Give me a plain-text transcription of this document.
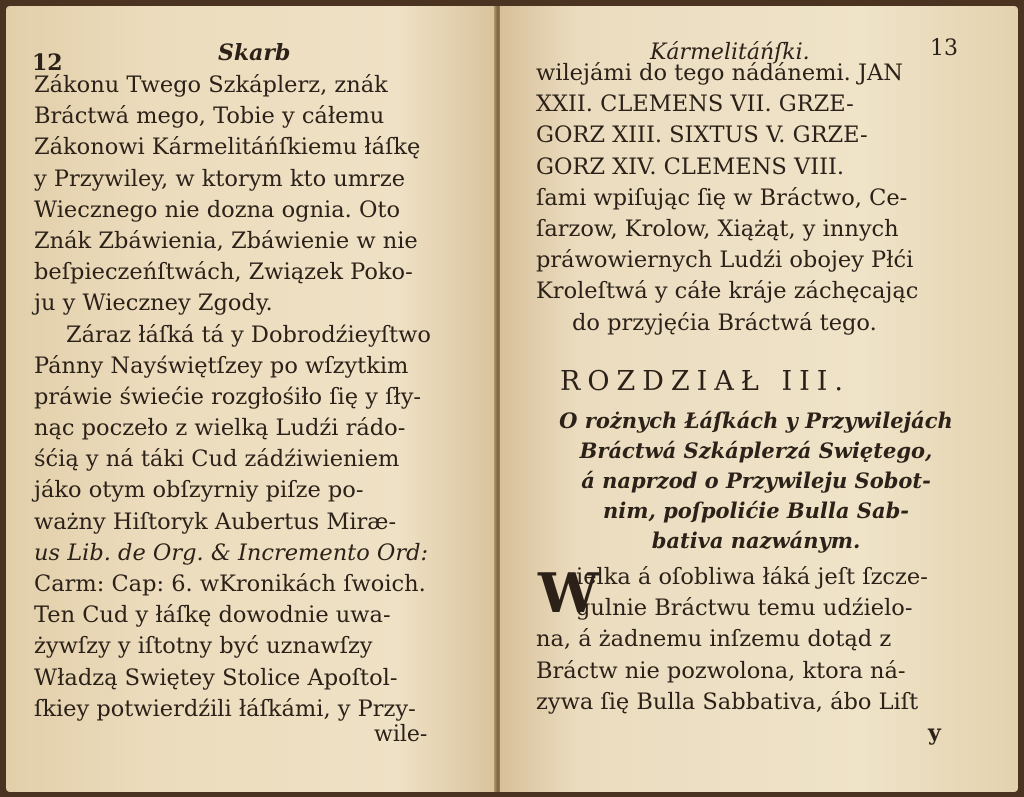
12	Skarb
Zákonu Twego Szkáplerz, znák
Bráctwá mego, Tobie y cáłemu
Zákonowi Kármelitáńſkiemu łáſkę
y Przywiley, w ktorym kto umrze
Wiecznego nie dozna ognia. Oto
Znák Zbáwienia, Zbáwienie w nie
beſpieczeńſtwách, Związek Poko-
ju y Wieczney Zgody.
Záraz łáſká tá y Dobrodźieyſtwo
Pánny Nayświętſzey po wſzytkim
práwie świećie rozgłośiło ſię y ſły-
nąc poczeło z wielką Ludźi rádo-
śćią y ná táki Cud zádźiwieniem
jáko otym obſzyrniy piſze po-
ważny Hiſtoryk Aubertus Miræ-
us Lib. de Org. & Incremento Ord:
Carm: Cap: 6. wKronikách ſwoich.
Ten Cud y łáſkę dowodnie uwa-
żywſzy y iſtotny być uznawſzy
Władzą Swiętey Stolice Apoſtol-
ſkiey potwierdźili łáſkámi, y Przy-
wile-
Kármelitáńſki.	13
wilejámi do tego nádánemi. JAN
XXII. CLEMENS VII. GRZE-
GORZ XIII. SIXTUS V. GRZE-
GORZ XIV. CLEMENS VIII.
ſami wpiſując ſię w Bráctwo, Ce-
ſarzow, Krolow, Xiążąt, y innych
práwowiernych Ludźi obojey Płći
Kroleſtwá y cáłe kráje záchęcając
do przyjęćia Bráctwá tego.
ROZDZIAŁ III.
O rożnych Łáſkách y Przywilejách
Bráctwá Szkáplerzá Swiętego,
á naprzod o Przywileju Sobot-
nim, poſpolićie Bulla Sab-
bativa nazwánym.
W
ielka á oſobliwa łáká jeſt ſzcze-
gulnie Bráctwu temu udźielo-
na, á żadnemu inſzemu dotąd z
Bráctw nie pozwolona, ktora ná-
zywa ſię Bulla Sabbativa, ábo Liſt
y
